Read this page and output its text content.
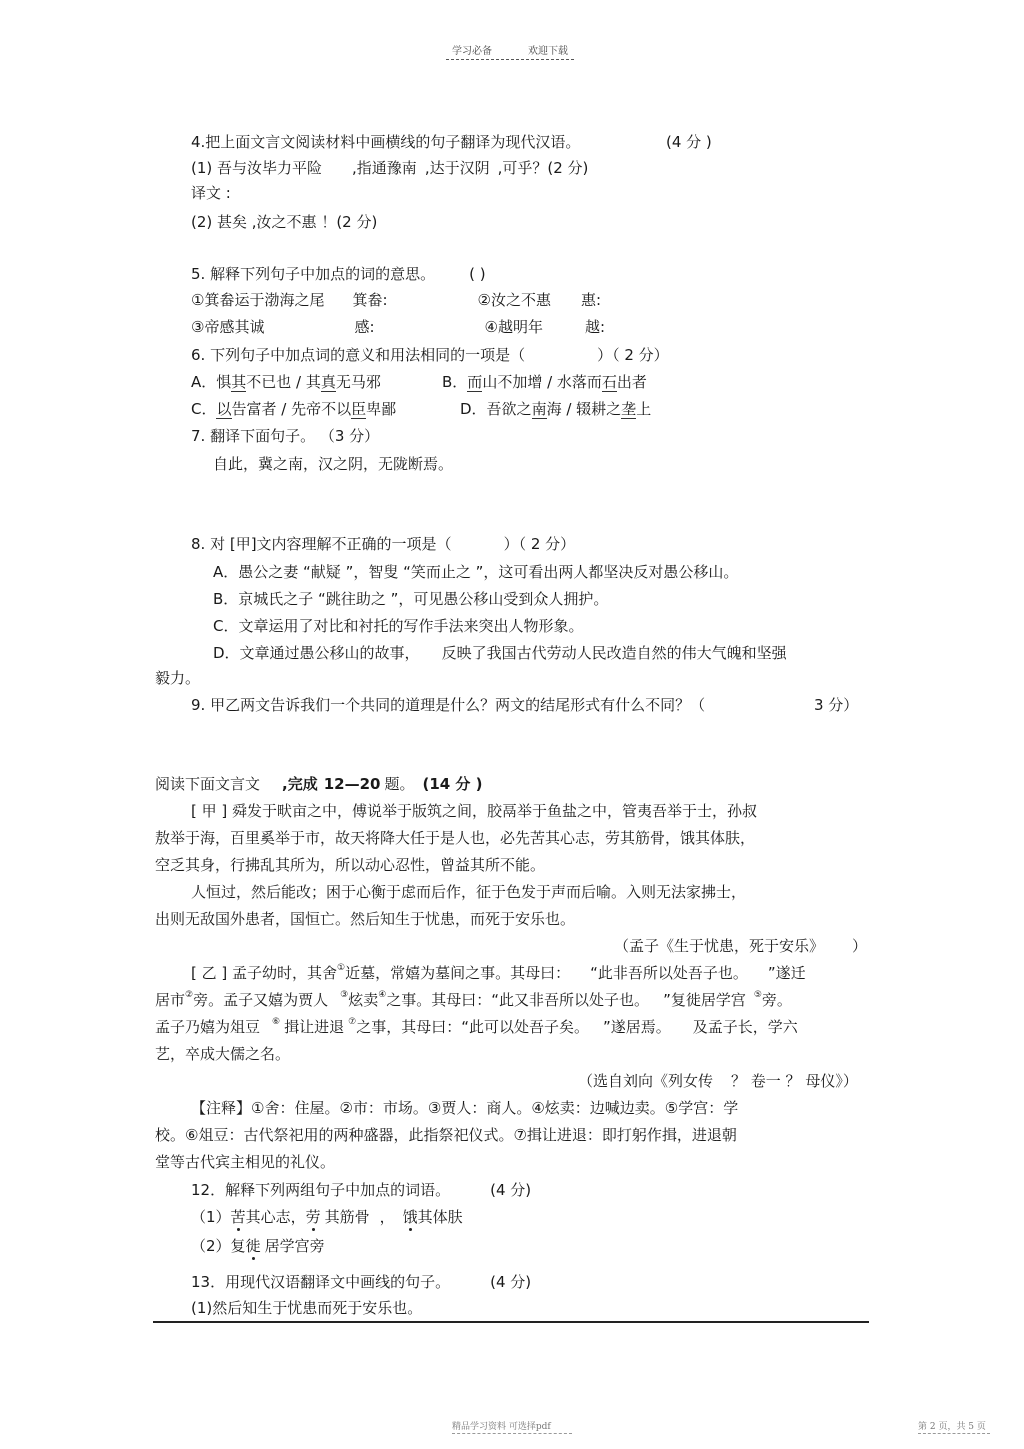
学习必备	欢迎下载
4.把上面文言文阅读材料中画横线的句子翻译为现代汉语。	(4 分 )
(1) 吾与汝毕力平险 ,指通豫南 ,达于汉阴 ,可乎？(2 分)
译文 :
(2) 甚矣 ,汝之不惠 ！(2 分)
5. 解释下列句子中加点的词的意思。 ( )
①箕畚运于渤海之尾 箕畚:	②汝之不惠 惠:
③帝感其诚	感:	④越明年	越:
6. 下列句子中加点词的意义和用法相同的一项是（	）（ 2 分）
A．惧其不已也 / 其真无马邪	B．而山不加增 / 水落而石出者
C．以告富者 / 先帝不以臣卑鄙	D．吾欲之南海 / 辍耕之垄上
7. 翻译下面句子。 （3 分）
自此，冀之南，汉之阴，无陇断焉。
8. 对 [甲]文内容理解不正确的一项是（	）（ 2 分）
A．愚公之妻 “献疑 ”，智叟 “笑而止之 ”，这可看出两人都坚决反对愚公移山。
B．京城氏之子 “跳往助之 ”，可见愚公移山受到众人拥护。
C．文章运用了对比和衬托的写作手法来突出人物形象。
D．文章通过愚公移山的故事， 反映了我国古代劳动人民改造自然的伟大气魄和坚强
毅力。
9. 甲乙两文告诉我们一个共同的道理是什么？两文的结尾形式有什么不同？（	3 分）
阅读下面文言文 ,完成 12—20 题。 (14 分 )
[ 甲 ] 舜发于畎亩之中，傅说举于版筑之间，胶鬲举于鱼盐之中，管夷吾举于士，孙叔
敖举于海，百里奚举于市，故天将降大任于是人也，必先苦其心志，劳其筋骨，饿其体肤，
空乏其身，行拂乱其所为，所以动心忍性，曾益其所不能。
人恒过，然后能改；困于心衡于虑而后作，征于色发于声而后喻。入则无法家拂士，
出则无敌国外患者，国恒亡。然后知生于忧患，而死于安乐也。
（孟子《生于忧患，死于安乐》 ）
[ 乙 ] 孟子幼时，其舍①近墓，常嬉为墓间之事。其母曰： “此非吾所以处吾子也。 ”遂迁
居市②旁。孟子又嬉为贾人 ③炫卖④之事。其母曰：“此又非吾所以处子也。 ”复徙居学宫 ⑤旁。
孟子乃嬉为俎豆 ⑥ 揖让进退 ⑦之事，其母曰：“此可以处吾子矣。 ”遂居焉。 及孟子长，学六
艺，卒成大儒之名。
（选自刘向《列女传 ？ 卷一 ？ 母仪》）
【注释】①舍：住屋。②市：市场。③贾人：商人。④炫卖：边喊边卖。⑤学宫：学
校。⑥俎豆：古代祭祀用的两种盛器，此指祭祀仪式。⑦揖让进退：即打躬作揖，进退朝
堂等古代宾主相见的礼仪。
12．解释下列两组句子中加点的词语。	(4 分)
（1）苦其心志，劳 其筋骨 ， 饿其体肤
（2）复徙 居学宫旁
13．用现代汉语翻译文中画线的句子。	(4 分)
(1)然后知生于忧患而死于安乐也。
精品学习资料 可选择pdf	第 2 页，共 5 页
